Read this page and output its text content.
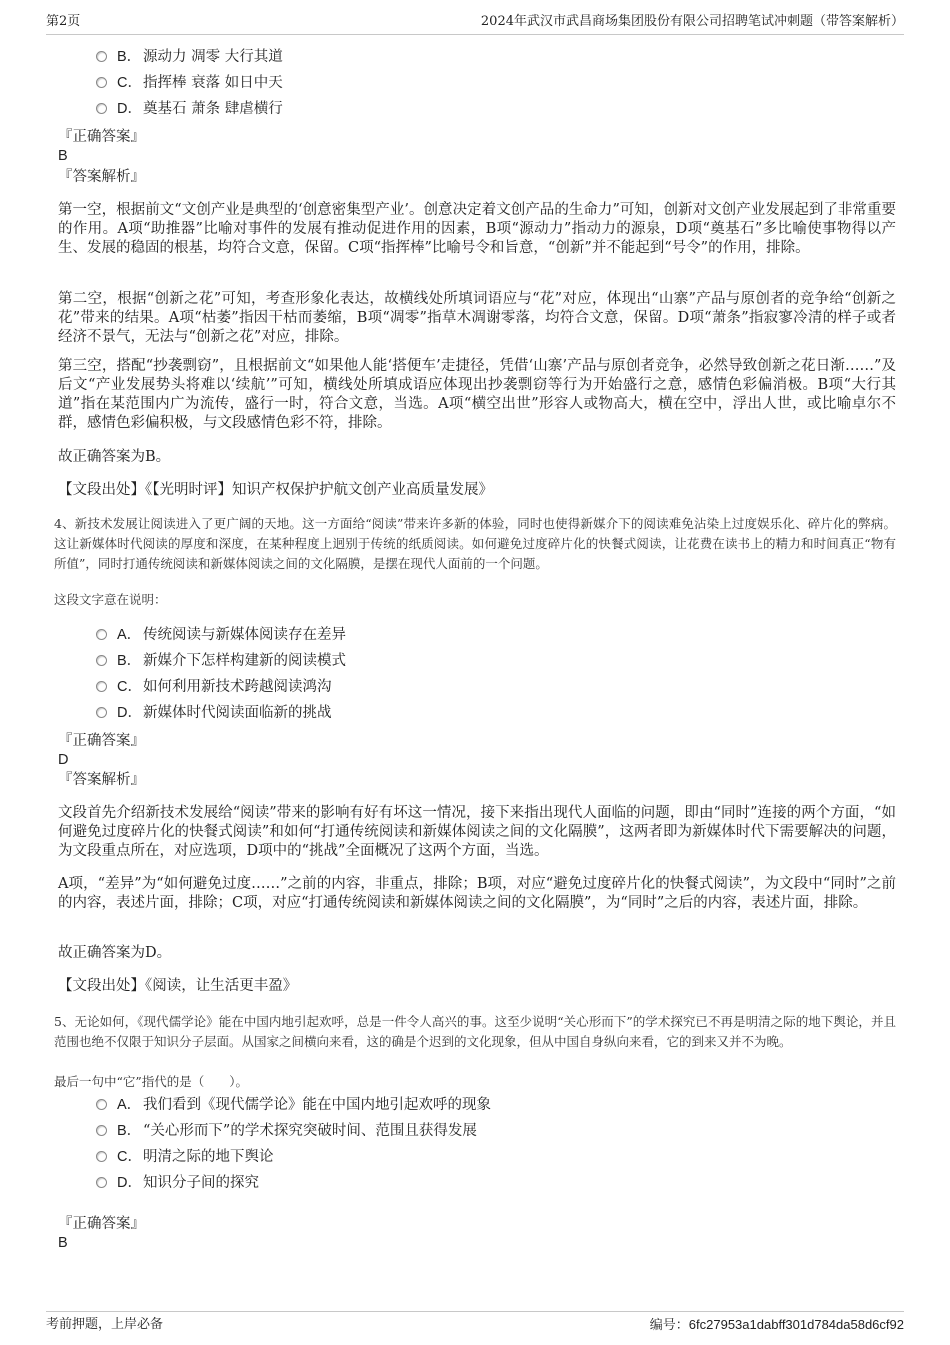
第2页	2024年武汉市武昌商场集团股份有限公司招聘笔试冲刺题（带答案解析）
B． 源动力 凋零 大行其道
C．指挥棒 衰落 如日中天
D．奠基石 萧条 肆虐横行
『正确答案』
B
『答案解析』
第一空，根据前文“文创产业是典型的‘创意密集型产业’。创意决定着文创产品的生命力”可知，创新对文创产业发展起到了非常重要的作用。A项“助推器”比喻对事件的发展有推动促进作用的因素，B项“源动力”指动力的源泉，D项“奠基石”多比喻使事物得以产生、发展的稳固的根基，均符合文意，保留。C项“指挥棒”比喻号令和旨意，“创新”并不能起到“号令”的作用，排除。
第二空，根据“创新之花”可知，考查形象化表达，故横线处所填词语应与“花”对应，体现出“山寨”产品与原创者的竞争给“创新之花”带来的结果。A项“枯萎”指因干枯而萎缩，B项“凋零”指草木凋谢零落，均符合文意，保留。D项“萧条”指寂寥冷清的样子或者经济不景气，无法与“创新之花”对应，排除。
第三空，搭配“抄袭剽窃”，且根据前文“如果他人能‘搭便车’走捷径，凭借‘山寨’产品与原创者竞争，必然导致创新之花日渐……”及后文“产业发展势头将难以‘续航’”可知，横线处所填成语应体现出抄袭剽窃等行为开始盛行之意，感情色彩偏消极。B项“大行其道”指在某范围内广为流传，盛行一时，符合文意，当选。A项“横空出世”形容人或物高大，横在空中，浮出人世，或比喻卓尔不群，感情色彩偏积极，与文段感情色彩不符，排除。
故正确答案为B。
【文段出处】《【光明时评】知识产权保护护航文创产业高质量发展》
4、新技术发展让阅读进入了更广阔的天地。这一方面给“阅读”带来许多新的体验，同时也使得新媒介下的阅读难免沾染上过度娱乐化、碎片化的弊病。这让新媒体时代阅读的厚度和深度，在某种程度上迥别于传统的纸质阅读。如何避免过度碎片化的快餐式阅读，让花费在读书上的精力和时间真正“物有所值”，同时打通传统阅读和新媒体阅读之间的文化隔膜，是摆在现代人面前的一个问题。
这段文字意在说明：
A． 传统阅读与新媒体阅读存在差异
B． 新媒介下怎样构建新的阅读模式
C．如何利用新技术跨越阅读鸿沟
D．新媒体时代阅读面临新的挑战
『正确答案』
D
『答案解析』
文段首先介绍新技术发展给“阅读”带来的影响有好有坏这一情况，接下来指出现代人面临的问题，即由“同时”连接的两个方面，“如何避免过度碎片化的快餐式阅读”和如何“打通传统阅读和新媒体阅读之间的文化隔膜”，这两者即为新媒体时代下需要解决的问题，为文段重点所在，对应选项，D项中的“挑战”全面概况了这两个方面，当选。
A项，“差异”为“如何避免过度……”之前的内容，非重点，排除；B项，对应“避免过度碎片化的快餐式阅读”，为文段中“同时”之前的内容，表述片面，排除；C项，对应“打通传统阅读和新媒体阅读之间的文化隔膜”，为“同时”之后的内容，表述片面，排除。
故正确答案为D。
【文段出处】《阅读，让生活更丰盈》
5、无论如何，《现代儒学论》能在中国内地引起欢呼，总是一件令人高兴的事。这至少说明“关心形而下”的学术探究已不再是明清之际的地下舆论，并且范围也绝不仅限于知识分子层面。从国家之间横向来看，这的确是个迟到的文化现象，但从中国自身纵向来看，它的到来又并不为晚。
最后一句中“它”指代的是（　　）。
A． 我们看到《现代儒学论》能在中国内地引起欢呼的现象
B． “关心形而下”的学术探究突破时间、范围且获得发展
C．明清之际的地下舆论
D．知识分子间的探究
『正确答案』
B
考前押题，上岸必备	编号：6fc27953a1dabff301d784da58d6cf92
